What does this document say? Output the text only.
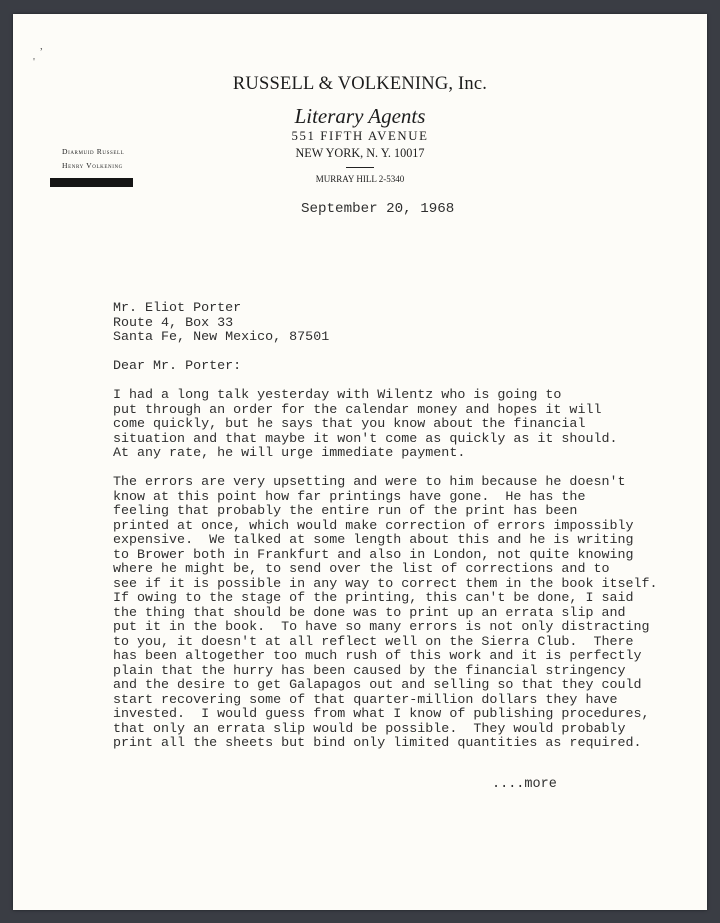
,
'
RUSSELL & VOLKENING, Inc.
Literary Agents
551 FIFTH AVENUE
NEW YORK, N. Y. 10017
MURRAY HILL 2-5340
Diarmuid Russell
Henry Volkening
September 20, 1968
Mr. Eliot Porter
Route 4, Box 33
Santa Fe, New Mexico, 87501

Dear Mr. Porter:

I had a long talk yesterday with Wilentz who is going to
put through an order for the calendar money and hopes it will
come quickly, but he says that you know about the financial
situation and that maybe it won't come as quickly as it should.
At any rate, he will urge immediate payment.

The errors are very upsetting and were to him because he doesn't
know at this point how far printings have gone.  He has the
feeling that probably the entire run of the print has been
printed at once, which would make correction of errors impossibly
expensive.  We talked at some length about this and he is writing
to Brower both in Frankfurt and also in London, not quite knowing
where he might be, to send over the list of corrections and to
see if it is possible in any way to correct them in the book itself.
If owing to the stage of the printing, this can't be done, I said
the thing that should be done was to print up an errata slip and
put it in the book.  To have so many errors is not only distracting
to you, it doesn't at all reflect well on the Sierra Club.  There
has been altogether too much rush of this work and it is perfectly
plain that the hurry has been caused by the financial stringency
and the desire to get Galapagos out and selling so that they could
start recovering some of that quarter-million dollars they have
invested.  I would guess from what I know of publishing procedures,
that only an errata slip would be possible.  They would probably
print all the sheets but bind only limited quantities as required.
....more
